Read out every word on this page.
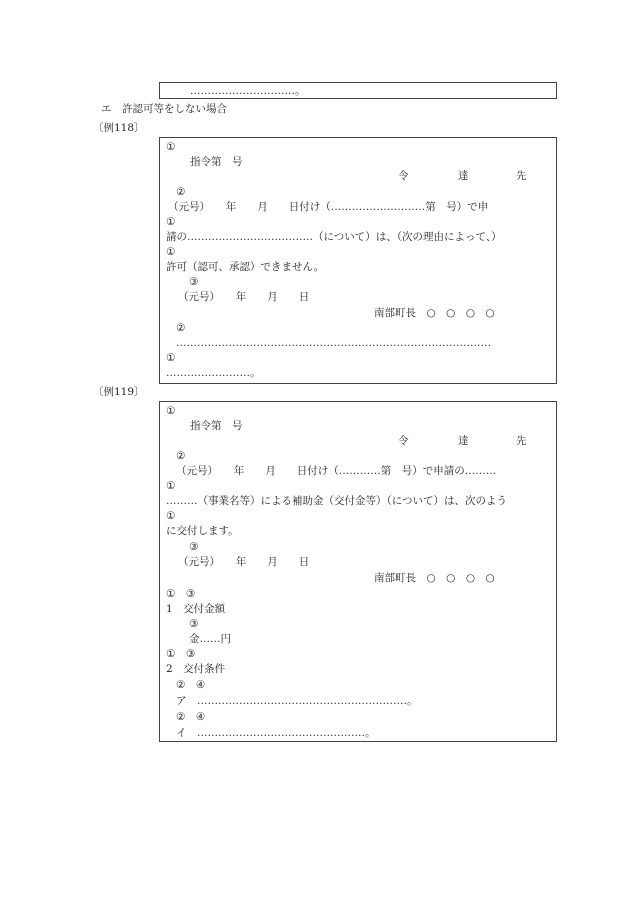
…………………………。
エ 許認可等をしない場合
〔例118〕
①
指令第　号
令	達	先
②
（元号）　　年　　月　　日付け（………………………第　号）で申
①
請の………………………………（について）は、（次の理由によって、）
①
許可（認可、承認）できません。
③
（元号）　　年　　月　　日
南部町長　○　○　○　○
②
………………………………………………………………………………
①
……………………。
〔例119〕
①
指令第　号
令	達	先
②
（元号）　　年　　月　　日付け（…………第　号）で申請の………
①
………（事業名等）による補助金（交付金等）（について）は、次のよう
①
に交付します。
③
（元号）　　年　　月　　日
南部町長　○　○　○　○
①　③
1　交付金額
③
金……円
①　③
2　交付条件
②　④
ア　……………………………………………………。
②　④
イ　…………………………………………。
